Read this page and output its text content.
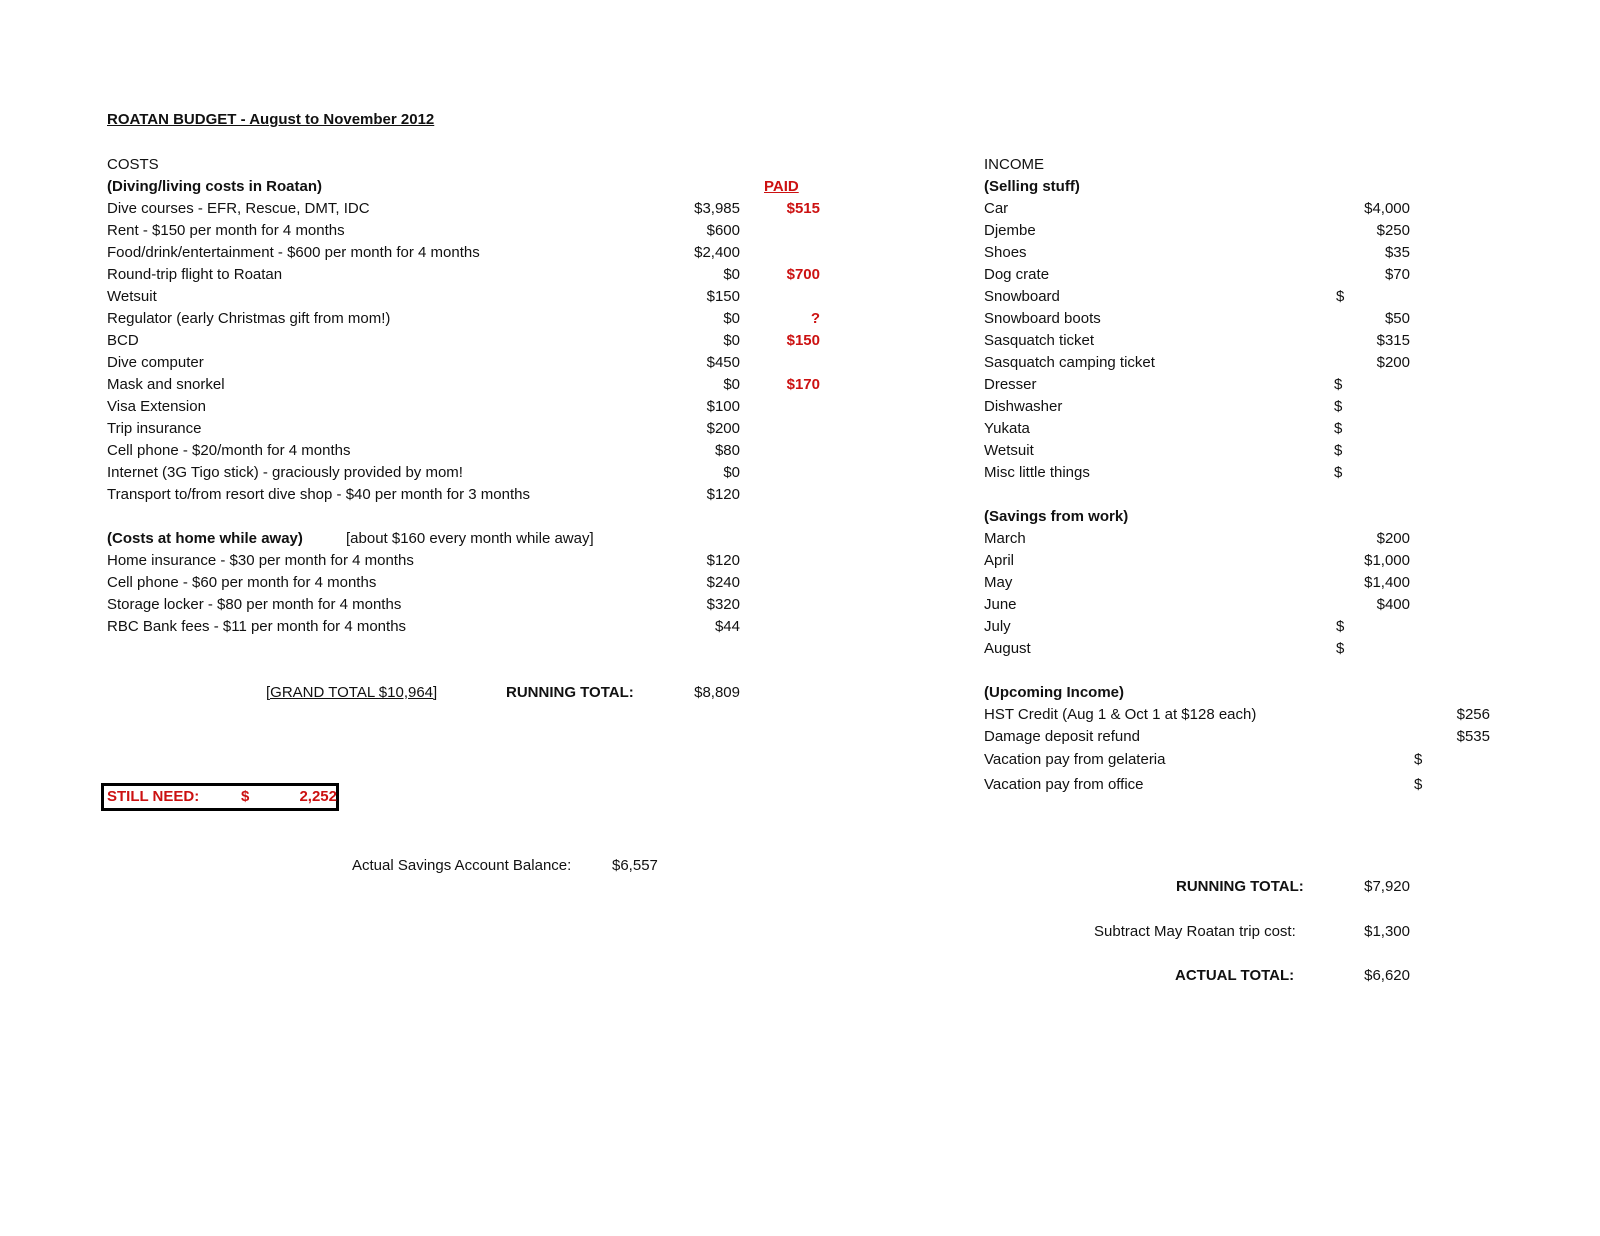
ROATAN BUDGET - August to November 2012
COSTS
(Diving/living costs in Roatan)	PAID
Dive courses - EFR, Rescue, DMT, IDC	$3,985	$515
Rent - $150 per month for 4 months	$600
Food/drink/entertainment - $600 per month for 4 months	$2,400
Round-trip flight to Roatan	$0	$700
Wetsuit	$150
Regulator (early Christmas gift from mom!)	$0	?
BCD	$0	$150
Dive computer	$450
Mask and snorkel	$0	$170
Visa Extension	$100
Trip insurance	$200
Cell phone - $20/month for 4 months	$80
Internet (3G Tigo stick) - graciously provided by mom!	$0
Transport to/from resort dive shop - $40 per month for 3 months	$120
(Costs at home while away)	[about $160 every month while away]
Home insurance - $30 per month for 4 months	$120
Cell phone - $60 per month for 4 months	$240
Storage locker - $80 per month for 4 months	$320
RBC Bank fees - $11 per month for 4 months	$44
[GRAND TOTAL $10,964]	RUNNING TOTAL:	$8,809
STILL NEED:	$	2,252
Actual Savings Account Balance:	$6,557
INCOME
(Selling stuff)
Car	$4,000
Djembe	$250
Shoes	$35
Dog crate	$70
Snowboard	$
Snowboard boots	$50
Sasquatch ticket	$315
Sasquatch camping ticket	$200
Dresser	$
Dishwasher	$
Yukata	$
Wetsuit	$
Misc little things	$
(Savings from work)
March	$200
April	$1,000
May	$1,400
June	$400
July	$
August	$
(Upcoming Income)
HST Credit (Aug 1 & Oct 1 at $128 each)	$256
Damage deposit refund	$535
Vacation pay from gelateria	$
Vacation pay from office	$
RUNNING TOTAL:	$7,920
Subtract May Roatan trip cost:	$1,300
ACTUAL TOTAL:	$6,620
